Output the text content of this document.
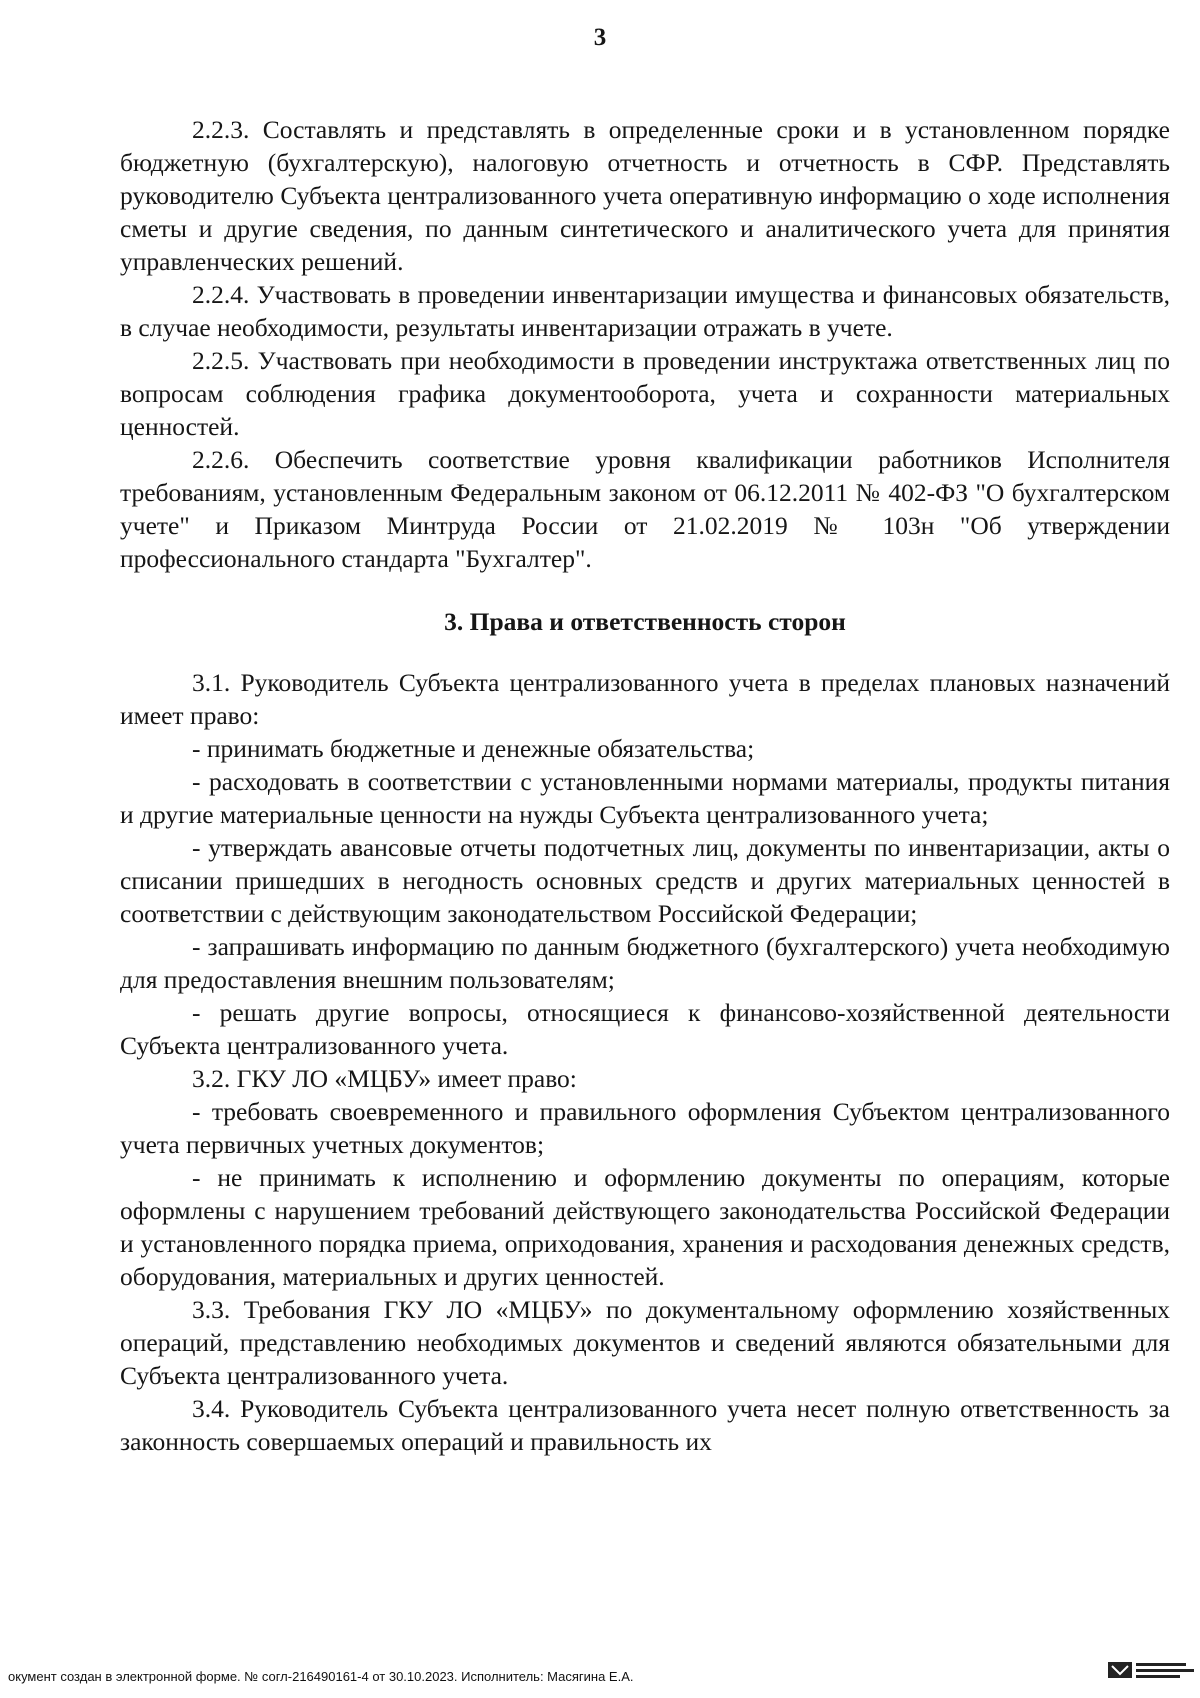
3

2.2.3. Составлять и представлять в определенные сроки и в установленном порядке бюджетную (бухгалтерскую), налоговую отчетность и отчетность в СФР. Представлять руководителю Субъекта централизованного учета оперативную информацию о ходе исполнения сметы и другие сведения, по данным синтетического и аналитического учета для принятия управленческих решений.

2.2.4. Участвовать в проведении инвентаризации имущества и финансовых обязательств, в случае необходимости, результаты инвентаризации отражать в учете.

2.2.5. Участвовать при необходимости в проведении инструктажа ответственных лиц по вопросам соблюдения графика документооборота, учета и сохранности материальных ценностей.

2.2.6. Обеспечить соответствие уровня квалификации работников Исполнителя требованиям, установленным Федеральным законом от 06.12.2011 № 402-ФЗ "О бухгалтерском учете" и Приказом Минтруда России от 21.02.2019 № 103н "Об утверждении профессионального стандарта "Бухгалтер".

3. Права и ответственность сторон

3.1. Руководитель Субъекта централизованного учета в пределах плановых назначений имеет право:

- принимать бюджетные и денежные обязательства;

- расходовать в соответствии с установленными нормами материалы, продукты питания и другие материальные ценности на нужды Субъекта централизованного учета;

- утверждать авансовые отчеты подотчетных лиц, документы по инвентаризации, акты о списании пришедших в негодность основных средств и других материальных ценностей в соответствии с действующим законодательством Российской Федерации;

- запрашивать информацию по данным бюджетного (бухгалтерского) учета необходимую для предоставления внешним пользователям;

- решать другие вопросы, относящиеся к финансово-хозяйственной деятельности Субъекта централизованного учета.

3.2. ГКУ ЛО «МЦБУ» имеет право:

- требовать своевременного и правильного оформления Субъектом централизованного учета первичных учетных документов;

- не принимать к исполнению и оформлению документы по операциям, которые оформлены с нарушением требований действующего законодательства Российской Федерации и установленного порядка приема, оприходования, хранения и расходования денежных средств, оборудования, материальных и других ценностей.

3.3. Требования ГКУ ЛО «МЦБУ» по документальному оформлению хозяйственных операций, представлению необходимых документов и сведений являются обязательными для Субъекта централизованного учета.

3.4. Руководитель Субъекта централизованного учета несет полную ответственность за законность совершаемых операций и правильность их

окумент создан в электронной форме. № согл-216490161-4 от 30.10.2023. Исполнитель: Масягина Е.А.
